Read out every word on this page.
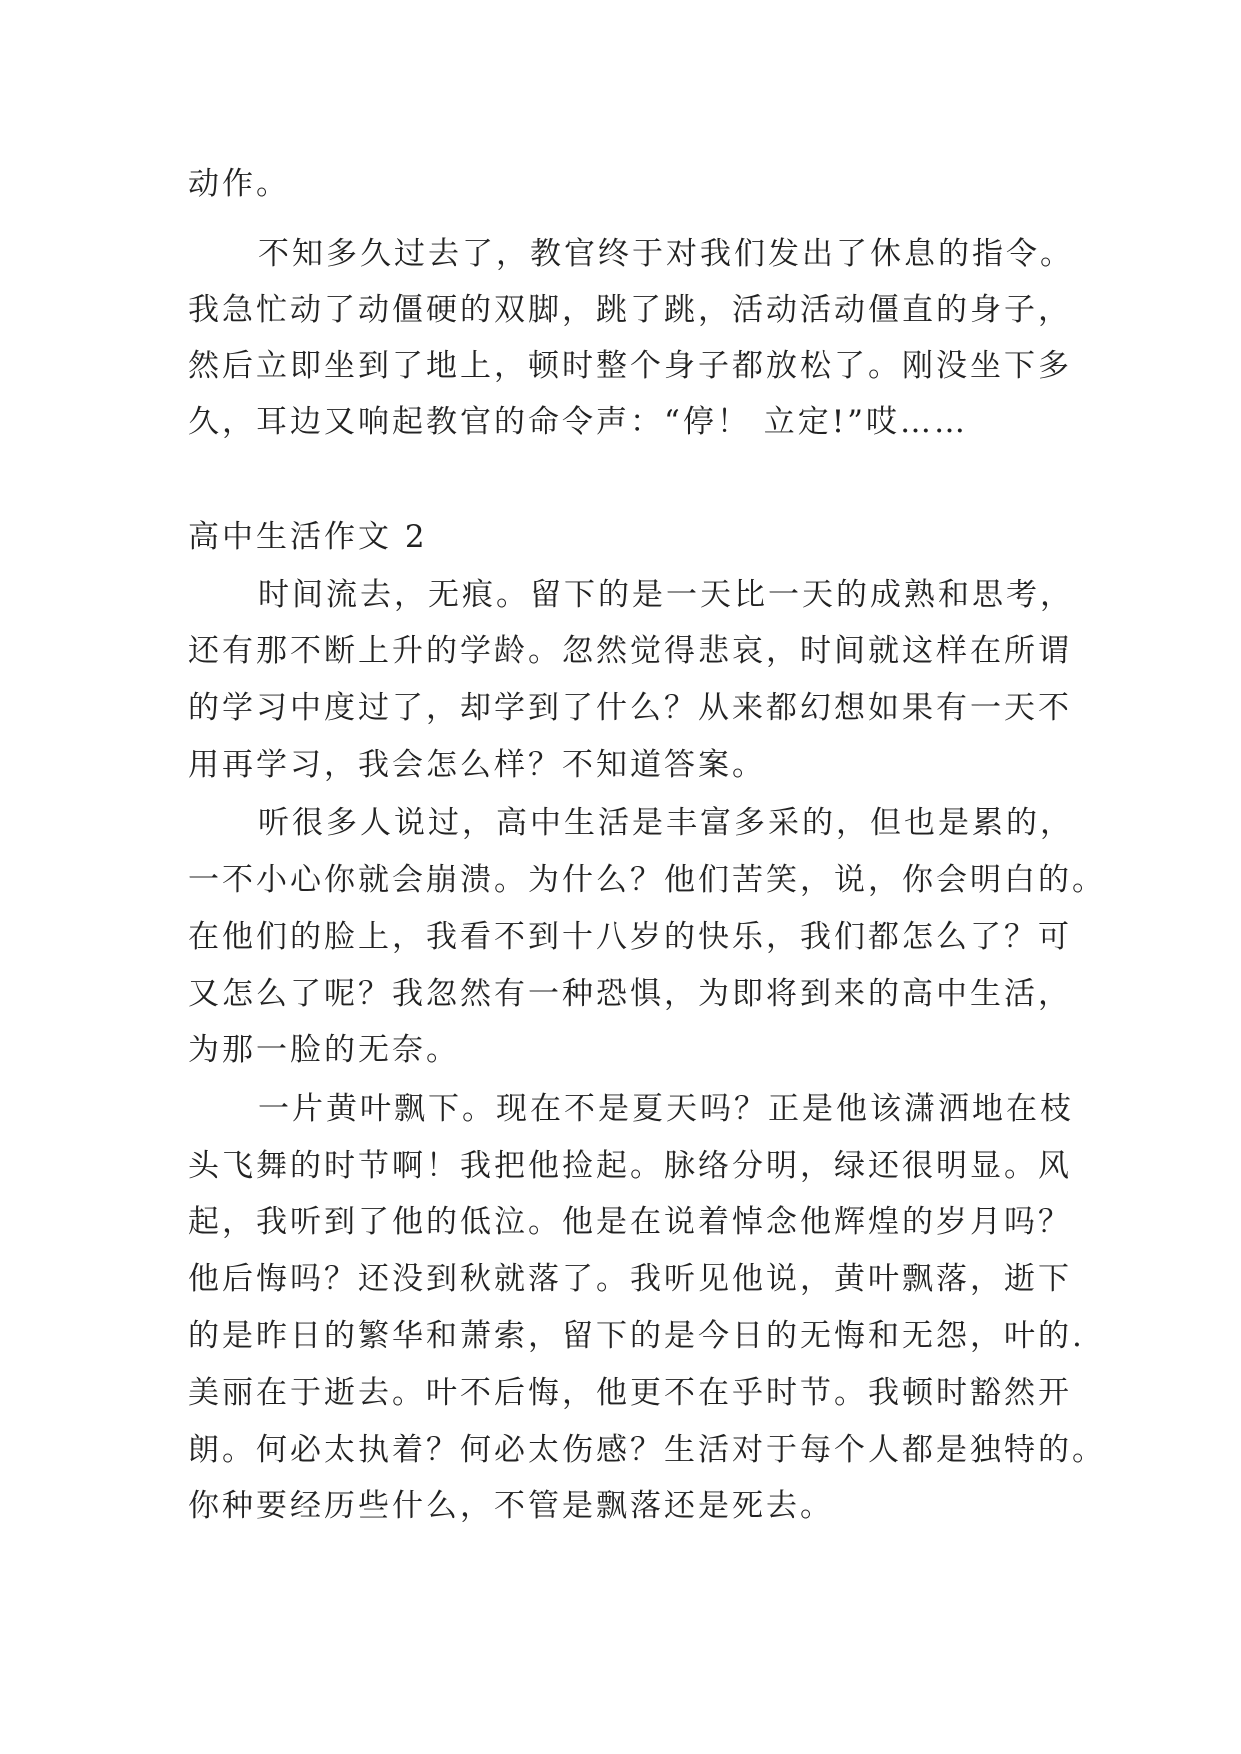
动作。
不知多久过去了，教官终于对我们发出了休息的指令。
我急忙动了动僵硬的双脚，跳了跳，活动活动僵直的身子，
然后立即坐到了地上，顿时整个身子都放松了。刚没坐下多
久，耳边又响起教官的命令声：“停！ 立定!”哎……
高中生活作文 2
时间流去，无痕。留下的是一天比一天的成熟和思考，
还有那不断上升的学龄。忽然觉得悲哀，时间就这样在所谓
的学习中度过了，却学到了什么？从来都幻想如果有一天不
用再学习，我会怎么样？不知道答案。
听很多人说过，高中生活是丰富多采的，但也是累的，
一不小心你就会崩溃。为什么？他们苦笑，说，你会明白的。
在他们的脸上，我看不到十八岁的快乐，我们都怎么了？可
又怎么了呢？我忽然有一种恐惧，为即将到来的高中生活，
为那一脸的无奈。
一片黄叶飘下。现在不是夏天吗？正是他该潇洒地在枝
头飞舞的时节啊！我把他捡起。脉络分明，绿还很明显。风
起，我听到了他的低泣。他是在说着悼念他辉煌的岁月吗？
他后悔吗？还没到秋就落了。我听见他说，黄叶飘落，逝下
的是昨日的繁华和萧索，留下的是今日的无悔和无怨，叶的.
美丽在于逝去。叶不后悔，他更不在乎时节。我顿时豁然开
朗。何必太执着？何必太伤感？生活对于每个人都是独特的。
你种要经历些什么，不管是飘落还是死去。
